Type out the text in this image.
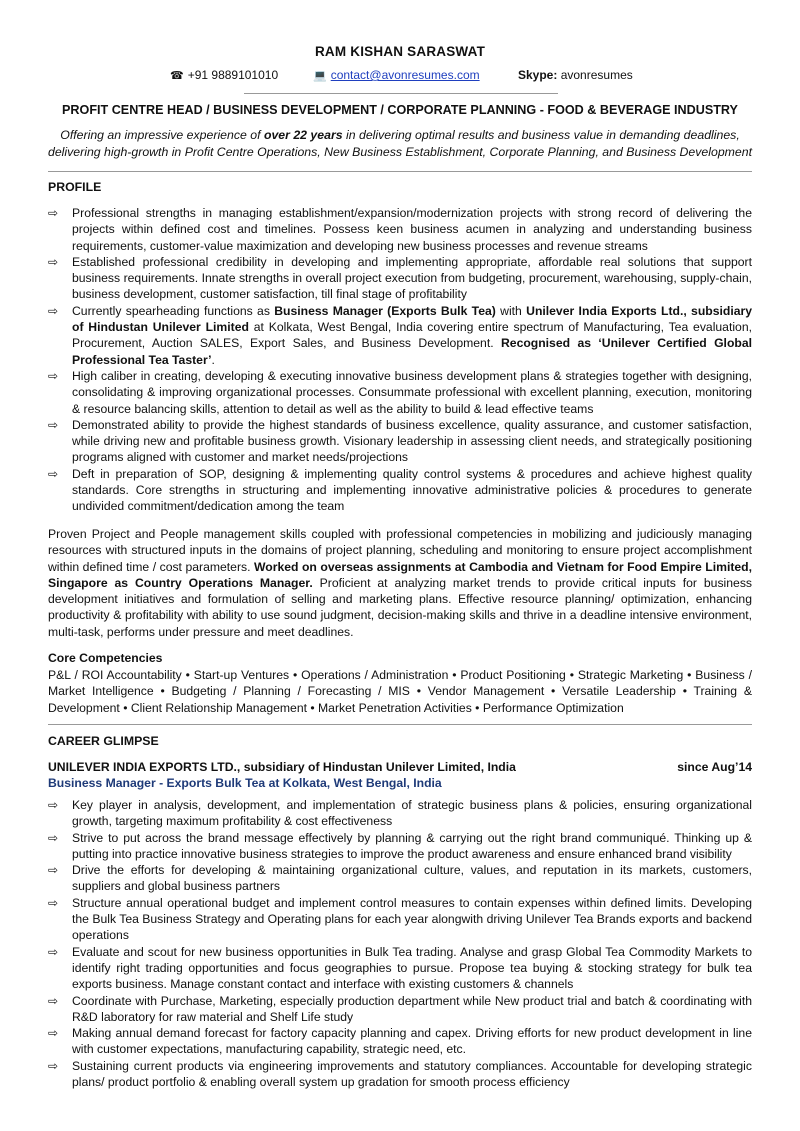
RAM KISHAN SARASWAT
☎ +91 9889101010	💻 contact@avonresumes.com	Skype: avonresumes
PROFIT CENTRE HEAD / BUSINESS DEVELOPMENT / CORPORATE PLANNING - FOOD & BEVERAGE INDUSTRY
Offering an impressive experience of over 22 years in delivering optimal results and business value in demanding deadlines, delivering high-growth in Profit Centre Operations, New Business Establishment, Corporate Planning, and Business Development
PROFILE
⇨ Professional strengths in managing establishment/expansion/modernization projects with strong record of delivering the projects within defined cost and timelines. Possess keen business acumen in analyzing and understanding business requirements, customer-value maximization and developing new business processes and revenue streams
⇨ Established professional credibility in developing and implementing appropriate, affordable real solutions that support business requirements. Innate strengths in overall project execution from budgeting, procurement, warehousing, supply-chain, business development, customer satisfaction, till final stage of profitability
⇨ Currently spearheading functions as Business Manager (Exports Bulk Tea) with Unilever India Exports Ltd., subsidiary of Hindustan Unilever Limited at Kolkata, West Bengal, India covering entire spectrum of Manufacturing, Tea evaluation, Procurement, Auction SALES, Export Sales, and Business Development. Recognised as ‘Unilever Certified Global Professional Tea Taster’.
⇨ High caliber in creating, developing & executing innovative business development plans & strategies together with designing, consolidating & improving organizational processes. Consummate professional with excellent planning, execution, monitoring & resource balancing skills, attention to detail as well as the ability to build & lead effective teams
⇨ Demonstrated ability to provide the highest standards of business excellence, quality assurance, and customer satisfaction, while driving new and profitable business growth. Visionary leadership in assessing client needs, and strategically positioning programs aligned with customer and market needs/projections
⇨ Deft in preparation of SOP, designing & implementing quality control systems & procedures and achieve highest quality standards. Core strengths in structuring and implementing innovative administrative policies & procedures to generate undivided commitment/dedication among the team
Proven Project and People management skills coupled with professional competencies in mobilizing and judiciously managing resources with structured inputs in the domains of project planning, scheduling and monitoring to ensure project accomplishment within defined time / cost parameters. Worked on overseas assignments at Cambodia and Vietnam for Food Empire Limited, Singapore as Country Operations Manager. Proficient at analyzing market trends to provide critical inputs for business development initiatives and formulation of selling and marketing plans. Effective resource planning/ optimization, enhancing productivity & profitability with ability to use sound judgment, decision-making skills and thrive in a deadline intensive environment, multi-task, performs under pressure and meet deadlines.
Core Competencies
P&L / ROI Accountability • Start-up Ventures • Operations / Administration • Product Positioning • Strategic Marketing • Business / Market Intelligence • Budgeting / Planning / Forecasting / MIS • Vendor Management • Versatile Leadership • Training & Development • Client Relationship Management • Market Penetration Activities • Performance Optimization
CAREER GLIMPSE
UNILEVER INDIA EXPORTS LTD., subsidiary of Hindustan Unilever Limited, India	since Aug’14
Business Manager - Exports Bulk Tea at Kolkata, West Bengal, India
⇨ Key player in analysis, development, and implementation of strategic business plans & policies, ensuring organizational growth, targeting maximum profitability & cost effectiveness
⇨ Strive to put across the brand message effectively by planning & carrying out the right brand communiqué. Thinking up & putting into practice innovative business strategies to improve the product awareness and ensure enhanced brand visibility
⇨ Drive the efforts for developing & maintaining organizational culture, values, and reputation in its markets, customers, suppliers and global business partners
⇨ Structure annual operational budget and implement control measures to contain expenses within defined limits. Developing the Bulk Tea Business Strategy and Operating plans for each year alongwith driving Unilever Tea Brands exports and backend operations
⇨ Evaluate and scout for new business opportunities in Bulk Tea trading. Analyse and grasp Global Tea Commodity Markets to identify right trading opportunities and focus geographies to pursue. Propose tea buying & stocking strategy for bulk tea exports business. Manage constant contact and interface with existing customers & channels
⇨ Coordinate with Purchase, Marketing, especially production department while New product trial and batch & coordinating with R&D laboratory for raw material and Shelf Life study
⇨ Making annual demand forecast for factory capacity planning and capex. Driving efforts for new product development in line with customer expectations, manufacturing capability, strategic need, etc.
⇨ Sustaining current products via engineering improvements and statutory compliances. Accountable for developing strategic plans/ product portfolio & enabling overall system up gradation for smooth process efficiency
